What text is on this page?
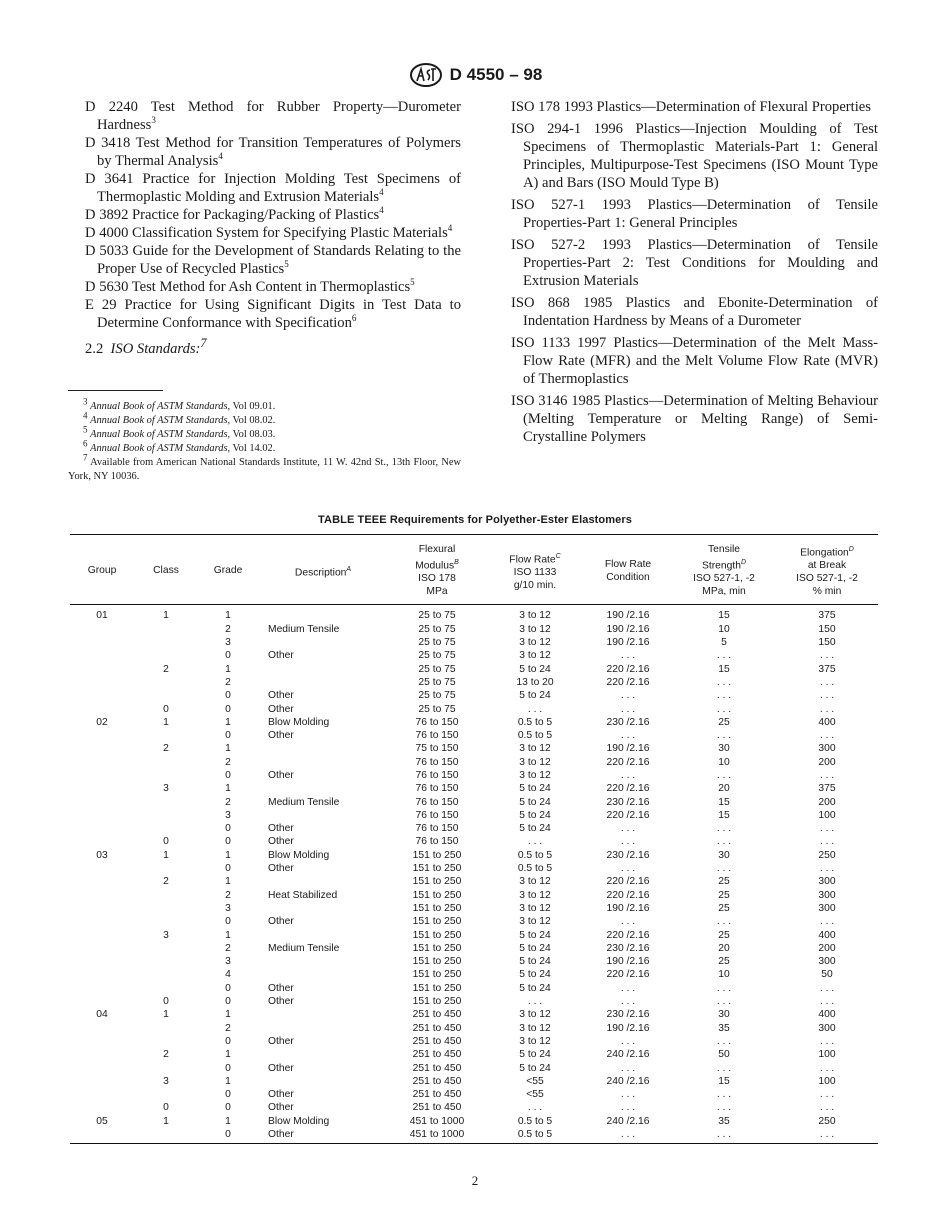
D 4550 – 98

D 2240 Test Method for Rubber Property—Durometer Hardness$^3$

D 3418 Test Method for Transition Temperatures of Polymers by Thermal Analysis$^4$

D 3641 Practice for Injection Molding Test Specimens of Thermoplastic Molding and Extrusion Materials$^4$

D 3892 Practice for Packaging/Packing of Plastics$^4$

D 4000 Classification System for Specifying Plastic Materials$^4$

D 5033 Guide for the Development of Standards Relating to the Proper Use of Recycled Plastics$^5$

D 5630 Test Method for Ash Content in Thermoplastics$^5$

E 29 Practice for Using Significant Digits in Test Data to Determine Conformance with Specification$^6$

2.2 ISO Standards:$^7$

$^3$ Annual Book of ASTM Standards, Vol 09.01.

$^4$ Annual Book of ASTM Standards, Vol 08.02.

$^5$ Annual Book of ASTM Standards, Vol 08.03.

$^6$ Annual Book of ASTM Standards, Vol 14.02.

$^7$ Available from American National Standards Institute, 11 W. 42nd St., 13th Floor, New York, NY 10036.

ISO 178 1993 Plastics—Determination of Flexural Properties

ISO 294-1 1996 Plastics—Injection Moulding of Test Specimens of Thermoplastic Materials-Part 1: General Principles, Multipurpose-Test Specimens (ISO Mount Type A) and Bars (ISO Mould Type B)

ISO 527-1 1993 Plastics—Determination of Tensile Properties-Part 1: General Principles

ISO 527-2 1993 Plastics—Determination of Tensile Properties-Part 2: Test Conditions for Moulding and Extrusion Materials

ISO 868 1985 Plastics and Ebonite-Determination of Indentation Hardness by Means of a Durometer

ISO 1133 1997 Plastics—Determination of the Melt Mass-Flow Rate (MFR) and the Melt Volume Flow Rate (MVR) of Thermoplastics

ISO 3146 1985 Plastics—Determination of Melting Behaviour (Melting Temperature or Melting Range) of Semi-Crystalline Polymers

TABLE TEEE Requirements for Polyether-Ester Elastomers
Group	Class	Grade	Description$^A$	Flexural
Modulus$^B$
ISO 178
MPa	Flow Rate$^C$
ISO 1133
g/10 min.	Flow Rate
Condition	Tensile
Strength$^D$
ISO 527-1, -2
MPa, min	Elongation$^D$
at Break
ISO 527-1, -2
% min
01	1	1		25 to 75	3 to 12	190 /2.16	15	375
		2	Medium Tensile	25 to 75	3 to 12	190 /2.16	10	150
		3		25 to 75	3 to 12	190 /2.16	5	150
		0	Other	25 to 75	3 to 12	. . .	. . .	. . .
	2	1		25 to 75	5 to 24	220 /2.16	15	375
		2		25 to 75	13 to 20	220 /2.16	. . .	. . .
		0	Other	25 to 75	5 to 24	. . .	. . .	. . .
	0	0	Other	25 to 75	. . .	. . .	. . .	. . .
02	1	1	Blow Molding	76 to 150	0.5 to 5	230 /2.16	25	400
		0	Other	76 to 150	0.5 to 5	. . .	. . .	. . .
	2	1		75 to 150	3 to 12	190 /2.16	30	300
		2		76 to 150	3 to 12	220 /2.16	10	200
		0	Other	76 to 150	3 to 12	. . .	. . .	. . .
	3	1		76 to 150	5 to 24	220 /2.16	20	375
		2	Medium Tensile	76 to 150	5 to 24	230 /2.16	15	200
		3		76 to 150	5 to 24	220 /2.16	15	100
		0	Other	76 to 150	5 to 24	. . .	. . .	. . .
	0	0	Other	76 to 150	. . .	. . .	. . .	. . .
03	1	1	Blow Molding	151 to 250	0.5 to 5	230 /2.16	30	250
		0	Other	151 to 250	0.5 to 5	. . .	. . .	. . .
	2	1		151 to 250	3 to 12	220 /2.16	25	300
		2	Heat Stabilized	151 to 250	3 to 12	220 /2.16	25	300
		3		151 to 250	3 to 12	190 /2.16	25	300
		0	Other	151 to 250	3 to 12	. . .	. . .	. . .
	3	1		151 to 250	5 to 24	220 /2.16	25	400
		2	Medium Tensile	151 to 250	5 to 24	230 /2.16	20	200
		3		151 to 250	5 to 24	190 /2.16	25	300
		4		151 to 250	5 to 24	220 /2.16	10	50
		0	Other	151 to 250	5 to 24	. . .	. . .	. . .
	0	0	Other	151 to 250	. . .	. . .	. . .	. . .
04	1	1		251 to 450	3 to 12	230 /2.16	30	400
		2		251 to 450	3 to 12	190 /2.16	35	300
		0	Other	251 to 450	3 to 12	. . .	. . .	. . .
	2	1		251 to 450	5 to 24	240 /2.16	50	100
		0	Other	251 to 450	5 to 24	. . .	. . .	. . .
	3	1		251 to 450	<55	240 /2.16	15	100
		0	Other	251 to 450	<55	. . .	. . .	. . .
	0	0	Other	251 to 450	. . .	. . .	. . .	. . .
05	1	1	Blow Molding	451 to 1000	0.5 to 5	240 /2.16	35	250
		0	Other	451 to 1000	0.5 to 5	. . .	. . .	. . .
2
